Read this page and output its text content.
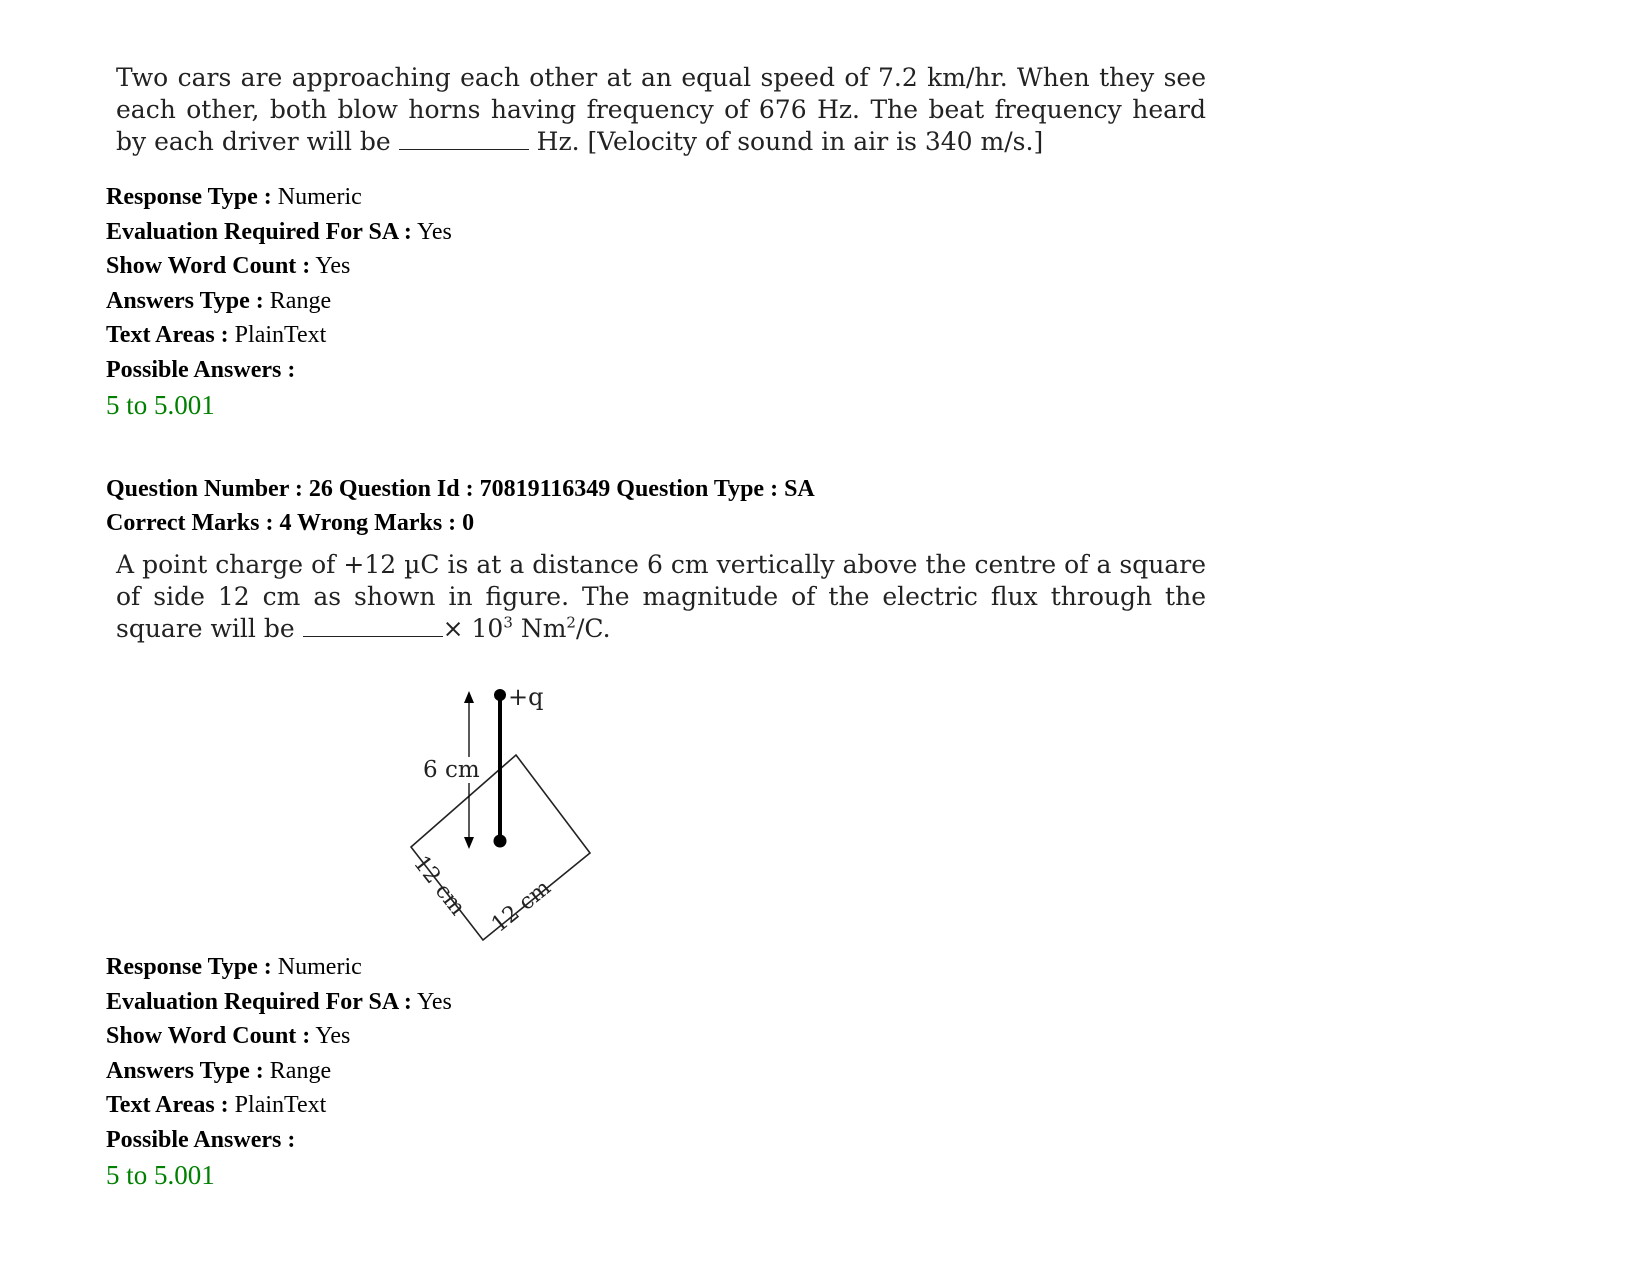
Two cars are approaching each other at an equal speed of 7.2 km/hr. When they see each other, both blow horns having frequency of 676 Hz. The beat frequency heard by each driver will be	Hz. [Velocity of sound in air is 340 m/s.]
Response Type : Numeric
Evaluation Required For SA : Yes
Show Word Count : Yes
Answers Type : Range
Text Areas : PlainText
Possible Answers :
5 to 5.001
Question Number : 26 Question Id : 70819116349 Question Type : SA
Correct Marks : 4 Wrong Marks : 0
A point charge of +12 µC is at a distance 6 cm vertically above the centre of a square of side 12 cm as shown in figure. The magnitude of the electric flux through the square will be	× $10^3$ $Nm^2/C$.
+q
6 cm
12 cm 12 cm
Response Type : Numeric
Evaluation Required For SA : Yes
Show Word Count : Yes
Answers Type : Range
Text Areas : PlainText
Possible Answers :
5 to 5.001
